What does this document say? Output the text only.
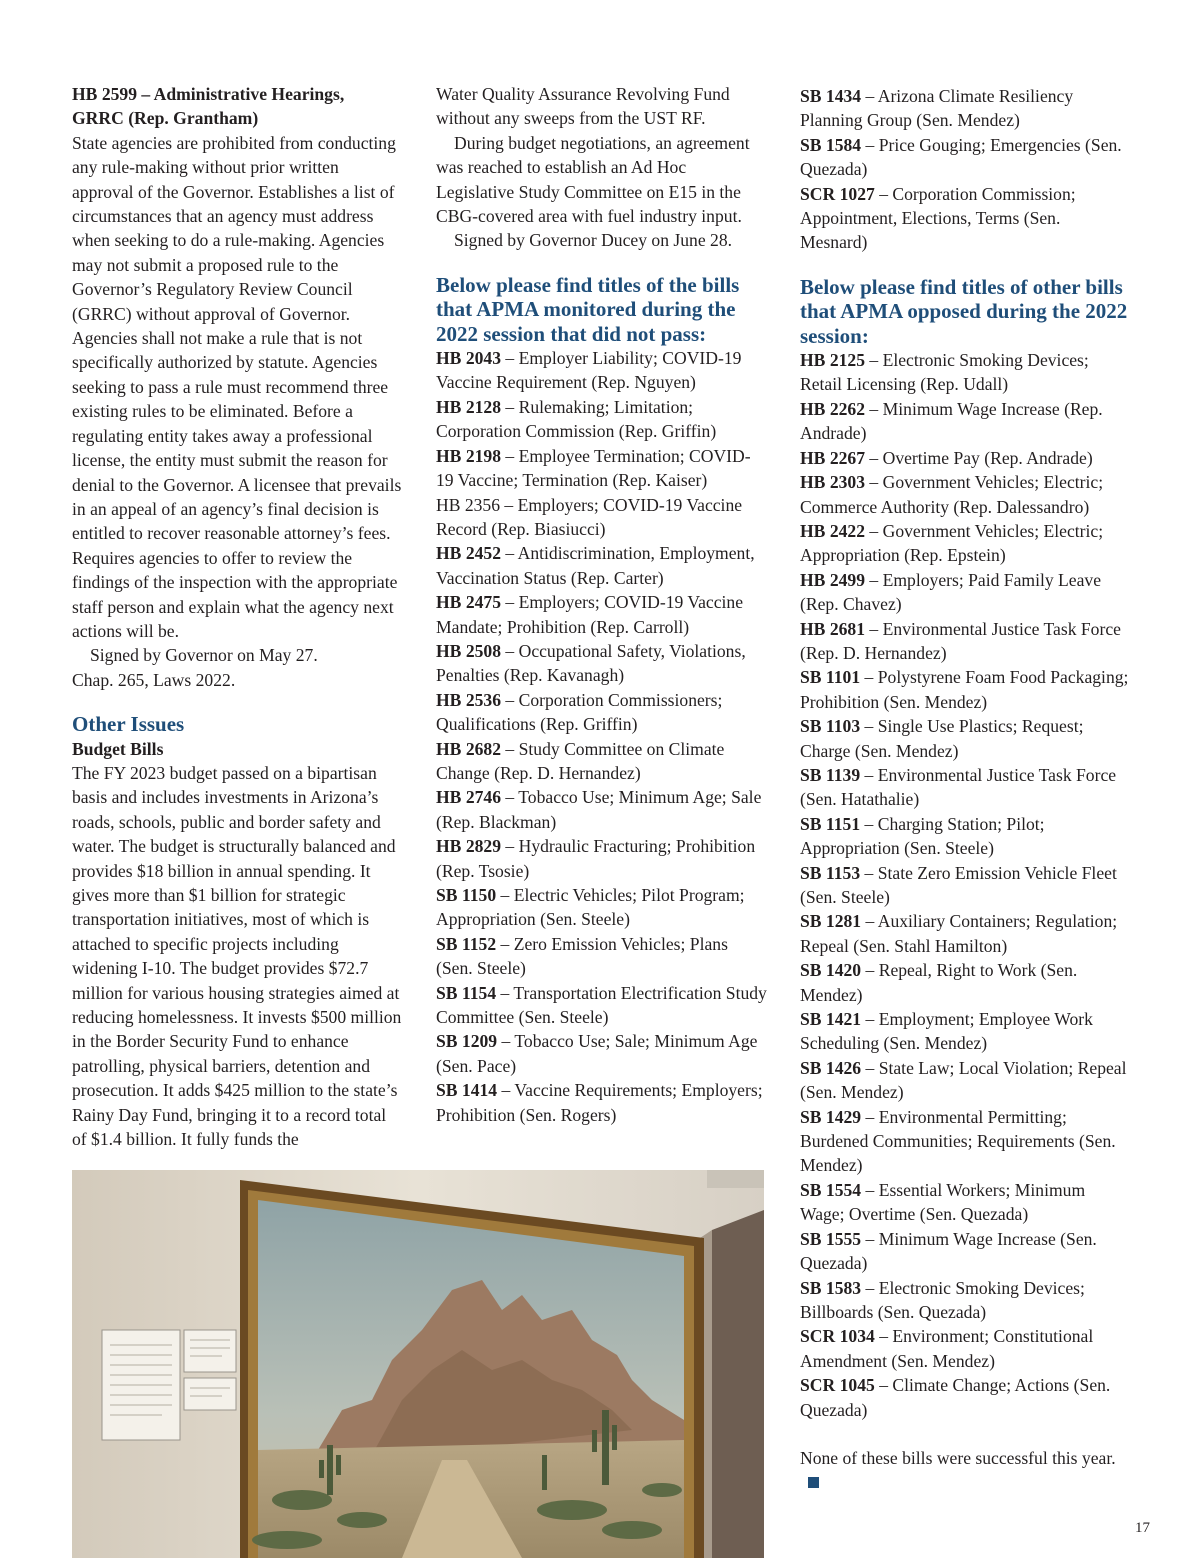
HB 2599 – Administrative Hearings,
GRRC (Rep. Grantham)

State agencies are prohibited from conducting any rule-making without prior written approval of the Governor. Establishes a list of circumstances that an agency must address when seeking to do a rule-making. Agencies may not submit a proposed rule to the Governor’s Regulatory Review Council (GRRC) without approval of Governor. Agencies shall not make a rule that is not specifically authorized by statute. Agencies seeking to pass a rule must recommend three existing rules to be eliminated. Before a regulating entity takes away a professional license, the entity must submit the reason for denial to the Governor. A licensee that prevails in an appeal of an agency’s final decision is entitled to recover reasonable attorney’s fees. Requires agencies to offer to review the findings of the inspection with the appropriate staff person and explain what the agency next actions will be.

Signed by Governor on May 27.

Chap. 265, Laws 2022.

Other Issues

Budget Bills

The FY 2023 budget passed on a bipartisan basis and includes investments in Arizona’s roads, schools, public and border safety and water. The budget is structurally balanced and provides $18 billion in annual spending. It gives more than $1 billion for strategic transportation initiatives, most of which is attached to specific projects including widening I-10. The budget provides $72.7 million for various housing strategies aimed at reducing homelessness. It invests $500 million in the Border Security Fund to enhance patrolling, physical barriers, detention and prosecution. It adds $425 million to the state’s Rainy Day Fund, bringing it to a record total of $1.4 billion. It fully funds the

Water Quality Assurance Revolving Fund without any sweeps from the UST RF.

During budget negotiations, an agreement was reached to establish an Ad Hoc Legislative Study Committee on E15 in the CBG-covered area with fuel industry input.

Signed by Governor Ducey on June 28.

Below please find titles of the bills that APMA monitored during the 2022 session that did not pass:

HB 2043 – Employer Liability; COVID-19 Vaccine Requirement (Rep. Nguyen)

HB 2128 – Rulemaking; Limitation; Corporation Commission (Rep. Griffin)

HB 2198 – Employee Termination; COVID-19 Vaccine; Termination (Rep. Kaiser)

HB 2356 – Employers; COVID-19 Vaccine Record (Rep. Biasiucci)

HB 2452 – Antidiscrimination, Employment, Vaccination Status (Rep. Carter)

HB 2475 – Employers; COVID-19 Vaccine Mandate; Prohibition (Rep. Carroll)

HB 2508 – Occupational Safety, Violations, Penalties (Rep. Kavanagh)

HB 2536 – Corporation Commissioners; Qualifications (Rep. Griffin)

HB 2682 – Study Committee on Climate Change (Rep. D. Hernandez)

HB 2746 – Tobacco Use; Minimum Age; Sale (Rep. Blackman)

HB 2829 – Hydraulic Fracturing; Prohibition (Rep. Tsosie)

SB 1150 – Electric Vehicles; Pilot Program; Appropriation (Sen. Steele)

SB 1152 – Zero Emission Vehicles; Plans (Sen. Steele)

SB 1154 – Transportation Electrification Study Committee (Sen. Steele)

SB 1209 – Tobacco Use; Sale; Minimum Age (Sen. Pace)

SB 1414 – Vaccine Requirements; Employers; Prohibition (Sen. Rogers)

SB 1434 – Arizona Climate Resiliency Planning Group (Sen. Mendez)

SB 1584 – Price Gouging; Emergencies (Sen. Quezada)

SCR 1027 – Corporation Commission; Appointment, Elections, Terms (Sen. Mesnard)

Below please find titles of other bills that APMA opposed during the 2022 session:

HB 2125 – Electronic Smoking Devices; Retail Licensing (Rep. Udall)

HB 2262 – Minimum Wage Increase (Rep. Andrade)

HB 2267 – Overtime Pay (Rep. Andrade)

HB 2303 – Government Vehicles; Electric; Commerce Authority (Rep. Dalessandro)

HB 2422 – Government Vehicles; Electric; Appropriation (Rep. Epstein)

HB 2499 – Employers; Paid Family Leave (Rep. Chavez)

HB 2681 – Environmental Justice Task Force (Rep. D. Hernandez)

SB 1101 – Polystyrene Foam Food Packaging; Prohibition (Sen. Mendez)

SB 1103 – Single Use Plastics; Request; Charge (Sen. Mendez)

SB 1139 – Environmental Justice Task Force (Sen. Hatathalie)

SB 1151 – Charging Station; Pilot; Appropriation (Sen. Steele)

SB 1153 – State Zero Emission Vehicle Fleet (Sen. Steele)

SB 1281 – Auxiliary Containers; Regulation; Repeal (Sen. Stahl Hamilton)

SB 1420 – Repeal, Right to Work (Sen. Mendez)

SB 1421 – Employment; Employee Work Scheduling (Sen. Mendez)

SB 1426 – State Law; Local Violation; Repeal (Sen. Mendez)

SB 1429 – Environmental Permitting; Burdened Communities; Requirements (Sen. Mendez)

SB 1554 – Essential Workers; Minimum Wage; Overtime (Sen. Quezada)

SB 1555 – Minimum Wage Increase (Sen. Quezada)

SB 1583 – Electronic Smoking Devices; Billboards (Sen. Quezada)

SCR 1034 – Environment; Constitutional Amendment (Sen. Mendez)

SCR 1045 – Climate Change; Actions (Sen. Quezada)

None of these bills were successful this year.

17
